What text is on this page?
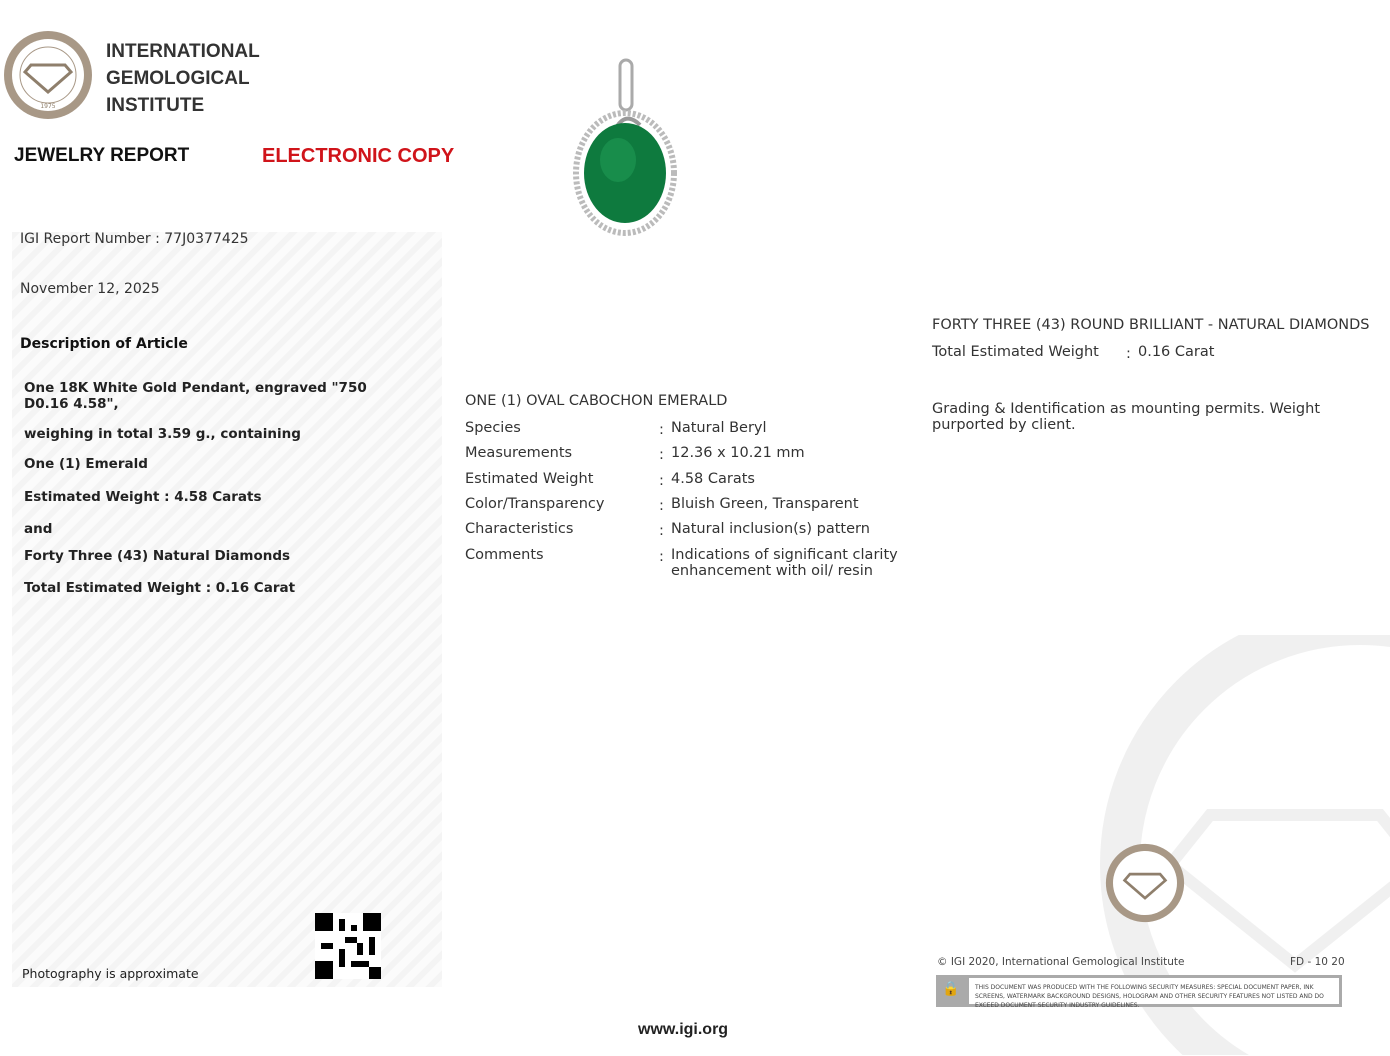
1975
INTERNATIONAL
GEMOLOGICAL
INSTITUTE
JEWELRY REPORT	ELECTRONIC COPY
IGI Report Number : 77J0377425
November 12, 2025
Description of Article
One 18K White Gold Pendant, engraved "750 D0.16 4.58",
weighing in total 3.59 g., containing
One (1) Emerald
Estimated Weight : 4.58 Carats
and
Forty Three (43) Natural Diamonds
Total Estimated Weight : 0.16 Carat
Photography is approximate
ONE (1) OVAL CABOCHON EMERALD
Species	: Natural Beryl
Measurements	: 12.36 x 10.21 mm
Estimated Weight	: 4.58 Carats
Color/Transparency	: Bluish Green, Transparent
Characteristics	: Natural inclusion(s) pattern
Comments	: Indications of significant clarity enhancement with oil/ resin
FORTY THREE (43) ROUND BRILLIANT - NATURAL DIAMONDS
Total Estimated Weight : 0.16 Carat
Grading & Identification as mounting permits. Weight purported by client.
© IGI 2020, International Gemological Institute	FD - 10 20
🔒	THIS DOCUMENT WAS PRODUCED WITH THE FOLLOWING SECURITY MEASURES: SPECIAL DOCUMENT PAPER, INK SCREENS, WATERMARK BACKGROUND DESIGNS, HOLOGRAM AND OTHER SECURITY FEATURES NOT LISTED AND DO EXCEED DOCUMENT SECURITY INDUSTRY GUIDELINES.
www.igi.org
